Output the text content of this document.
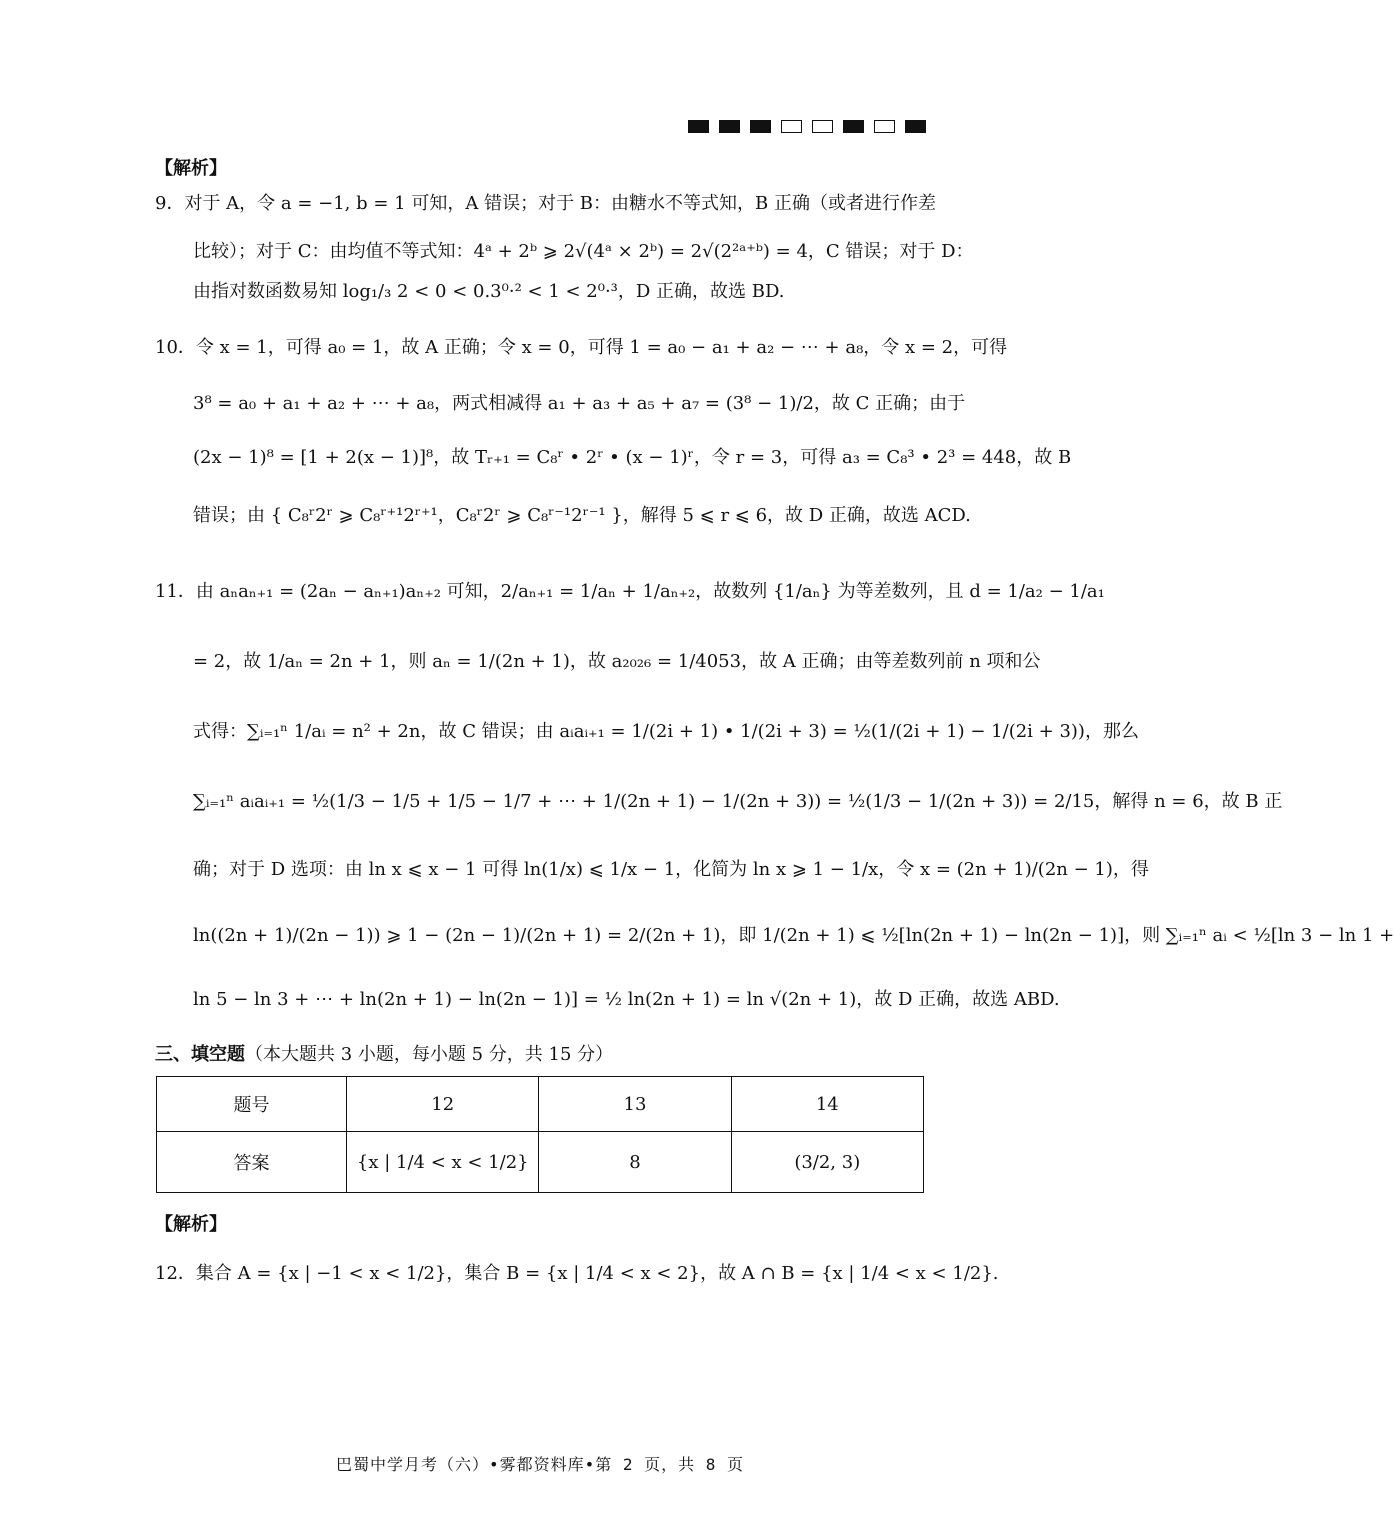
【解析】
9．对于 A，令 a = −1, b = 1 可知，A 错误；对于 B：由糖水不等式知，B 正确（或者进行作差
比较）；对于 C：由均值不等式知：4ᵃ + 2ᵇ ⩾ 2√(4ᵃ × 2ᵇ) = 2√(2²ᵃ⁺ᵇ) = 4，C 错误；对于 D：
由指对数函数易知 log₁/₃ 2 < 0 < 0.3⁰·² < 1 < 2⁰·³，D 正确，故选 BD.
10．令 x = 1，可得 a₀ = 1，故 A 正确；令 x = 0，可得 1 = a₀ − a₁ + a₂ − ⋯ + a₈，令 x = 2，可得
3⁸ = a₀ + a₁ + a₂ + ⋯ + a₈，两式相减得 a₁ + a₃ + a₅ + a₇ = (3⁸ − 1)/2，故 C 正确；由于
(2x − 1)⁸ = [1 + 2(x − 1)]⁸，故 Tᵣ₊₁ = C₈ʳ • 2ʳ • (x − 1)ʳ，令 r = 3，可得 a₃ = C₈³ • 2³ = 448，故 B
错误；由 { C₈ʳ2ʳ ⩾ C₈ʳ⁺¹2ʳ⁺¹，C₈ʳ2ʳ ⩾ C₈ʳ⁻¹2ʳ⁻¹ }，解得 5 ⩽ r ⩽ 6，故 D 正确，故选 ACD.
11．由 aₙaₙ₊₁ = (2aₙ − aₙ₊₁)aₙ₊₂ 可知，2/aₙ₊₁ = 1/aₙ + 1/aₙ₊₂，故数列 {1/aₙ} 为等差数列，且 d = 1/a₂ − 1/a₁
= 2，故 1/aₙ = 2n + 1，则 aₙ = 1/(2n + 1)，故 a₂₀₂₆ = 1/4053，故 A 正确；由等差数列前 n 项和公
式得：∑ᵢ₌₁ⁿ 1/aᵢ = n² + 2n，故 C 错误；由 aᵢaᵢ₊₁ = 1/(2i + 1) • 1/(2i + 3) = ½(1/(2i + 1) − 1/(2i + 3))，那么
∑ᵢ₌₁ⁿ aᵢaᵢ₊₁ = ½(1/3 − 1/5 + 1/5 − 1/7 + ⋯ + 1/(2n + 1) − 1/(2n + 3)) = ½(1/3 − 1/(2n + 3)) = 2/15，解得 n = 6，故 B 正
确；对于 D 选项：由 ln x ⩽ x − 1 可得 ln(1/x) ⩽ 1/x − 1，化简为 ln x ⩾ 1 − 1/x，令 x = (2n + 1)/(2n − 1)，得
ln((2n + 1)/(2n − 1)) ⩾ 1 − (2n − 1)/(2n + 1) = 2/(2n + 1)，即 1/(2n + 1) ⩽ ½[ln(2n + 1) − ln(2n − 1)]，则 ∑ᵢ₌₁ⁿ aᵢ < ½[ln 3 − ln 1 +
ln 5 − ln 3 + ⋯ + ln(2n + 1) − ln(2n − 1)] = ½ ln(2n + 1) = ln √(2n + 1)，故 D 正确，故选 ABD.
三、填空题（本大题共 3 小题，每小题 5 分，共 15 分）
题号	12	13	14
答案	{x | 1/4 < x < 1/2}	8	(3/2, 3)
【解析】
12．集合 A = {x | −1 < x < 1/2}，集合 B = {x | 1/4 < x < 2}，故 A ∩ B = {x | 1/4 < x < 1/2}.
巴蜀中学月考（六）•雾都资料库•第 2 页，共 8 页
